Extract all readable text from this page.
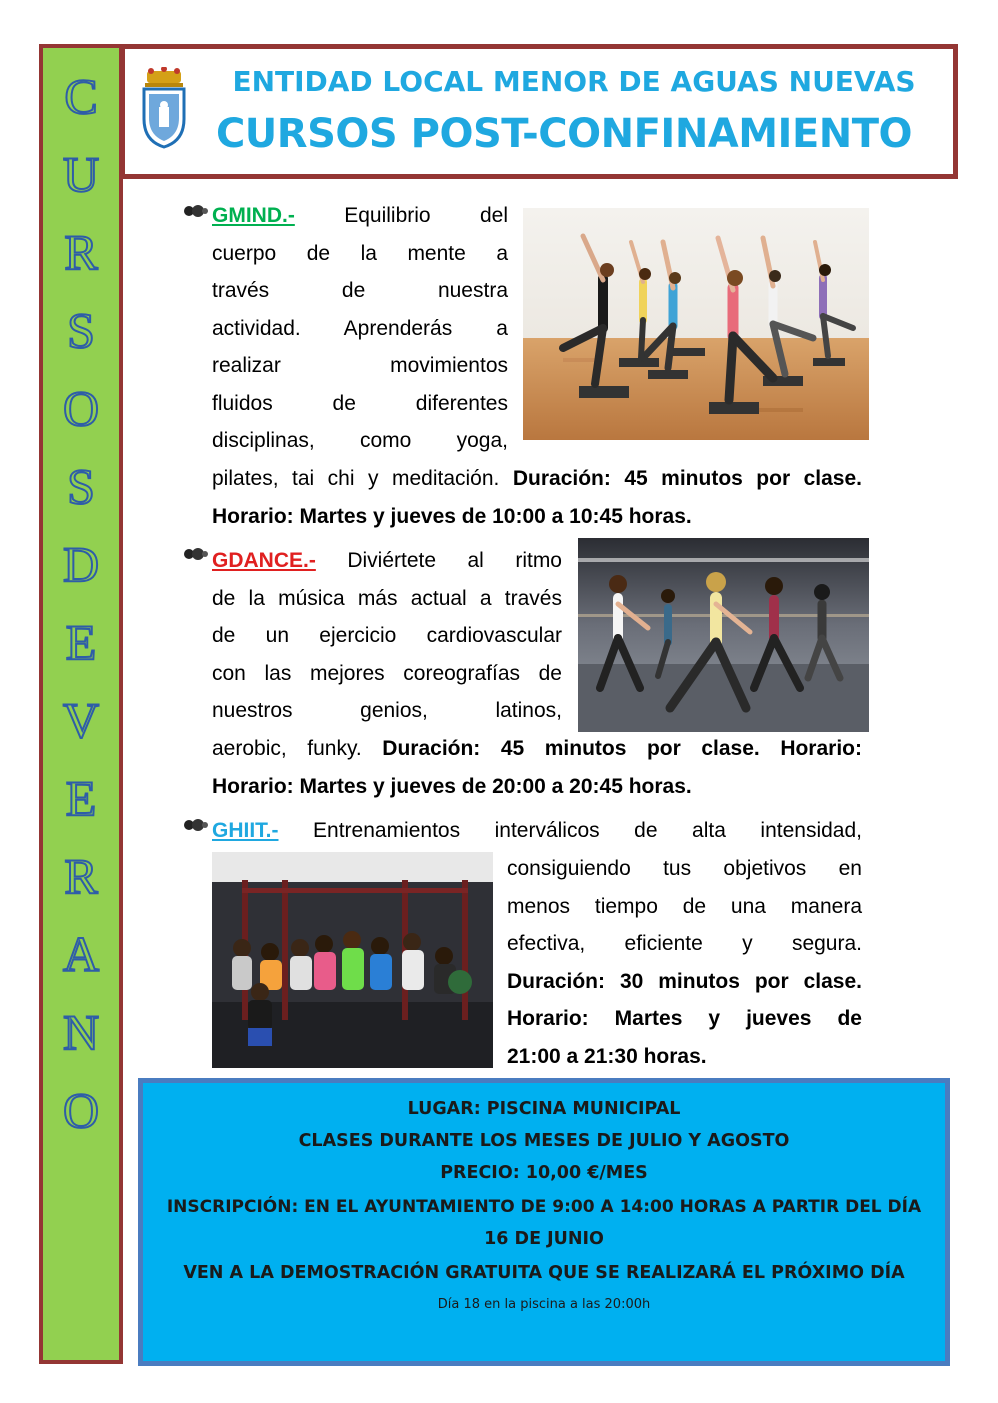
C
U
R
S
O
S
D
E
V
E
R
A
N
O
ENTIDAD LOCAL MENOR DE AGUAS NUEVAS
CURSOS POST-CONFINAMIENTO
GMIND.- Equilibrio del
cuerpo de la mente a
través de nuestra
actividad. Aprenderás a
realizar movimientos
fluidos de diferentes
disciplinas, como yoga,
pilates, tai chi y meditación. Duración: 45 minutos por clase.
Horario: Martes y jueves de 10:00 a 10:45 horas.
GDANCE.- Diviértete al ritmo
de la música más actual a través
de un ejercicio cardiovascular
con las mejores coreografías de
nuestros genios, latinos,
aerobic, funky. Duración: 45 minutos por clase. Horario:
Horario: Martes y jueves de 20:00 a 20:45 horas.
GHIIT.- Entrenamientos interválicos de alta intensidad,
consiguiendo tus objetivos en
menos tiempo de una manera
efectiva, eficiente y segura.
Duración: 30 minutos por clase.
Horario: Martes y jueves de
21:00 a 21:30 horas.
LUGAR: PISCINA MUNICIPAL
CLASES DURANTE LOS MESES DE JULIO Y AGOSTO
PRECIO: 10,00 €/MES
INSCRIPCIÓN: EN EL AYUNTAMIENTO DE 9:00 A 14:00 HORAS A PARTIR DEL DÍA
16 DE JUNIO
VEN A LA DEMOSTRACIÓN GRATUITA QUE SE REALIZARÁ EL PRÓXIMO DÍA
Día 18 en la piscina a las 20:00h
